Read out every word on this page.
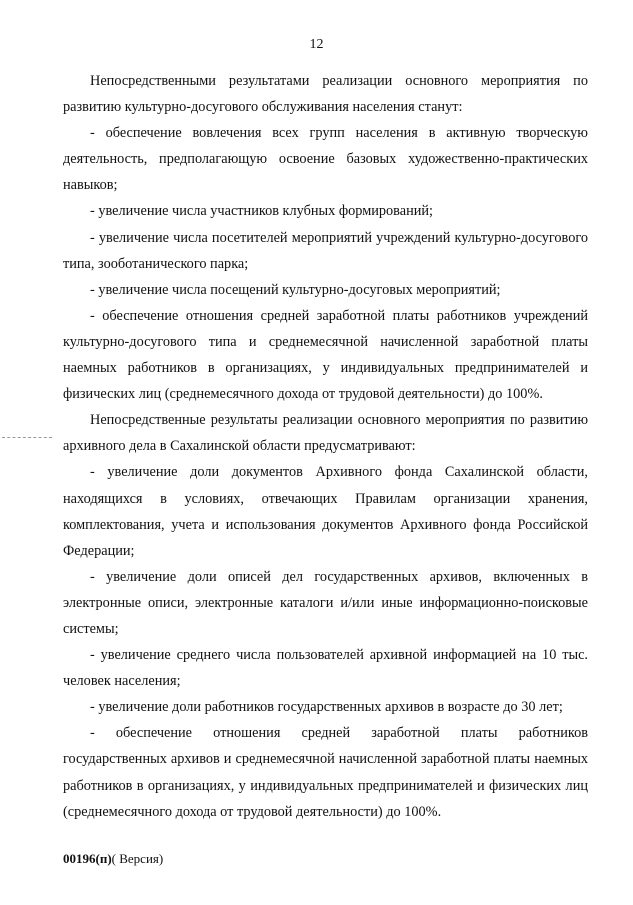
12

Непосредственными результатами реализации основного мероприятия по развитию культурно-досугового обслуживания населения станут:

- обеспечение вовлечения всех групп населения в активную творческую деятельность, предполагающую освоение базовых художественно-практических навыков;

- увеличение числа участников клубных формирований;

- увеличение числа посетителей мероприятий учреждений культурно-досугового типа, зооботанического парка;

- увеличение числа посещений культурно-досуговых мероприятий;

- обеспечение отношения средней заработной платы работников учреждений культурно-досугового типа и среднемесячной начисленной заработной платы наемных работников в организациях, у индивидуальных предпринимателей и физических лиц (среднемесячного дохода от трудовой деятельности) до 100%.

Непосредственные результаты реализации основного мероприятия по развитию архивного дела в Сахалинской области предусматривают:

- увеличение доли документов Архивного фонда Сахалинской области, находящихся в условиях, отвечающих Правилам организации хранения, комплектования, учета и использования документов Архивного фонда Российской Федерации;

- увеличение доли описей дел государственных архивов, включенных в электронные описи, электронные каталоги и/или иные информационно-поисковые системы;

- увеличение среднего числа пользователей архивной информацией на 10 тыс. человек населения;

- увеличение доли работников государственных архивов в возрасте до 30 лет;

- обеспечение отношения средней заработной платы работников государственных архивов и среднемесячной начисленной заработной платы наемных работников в организациях, у индивидуальных предпринимателей и физических лиц (среднемесячного дохода от трудовой деятельности) до 100%.

00196(п)( Версия)
